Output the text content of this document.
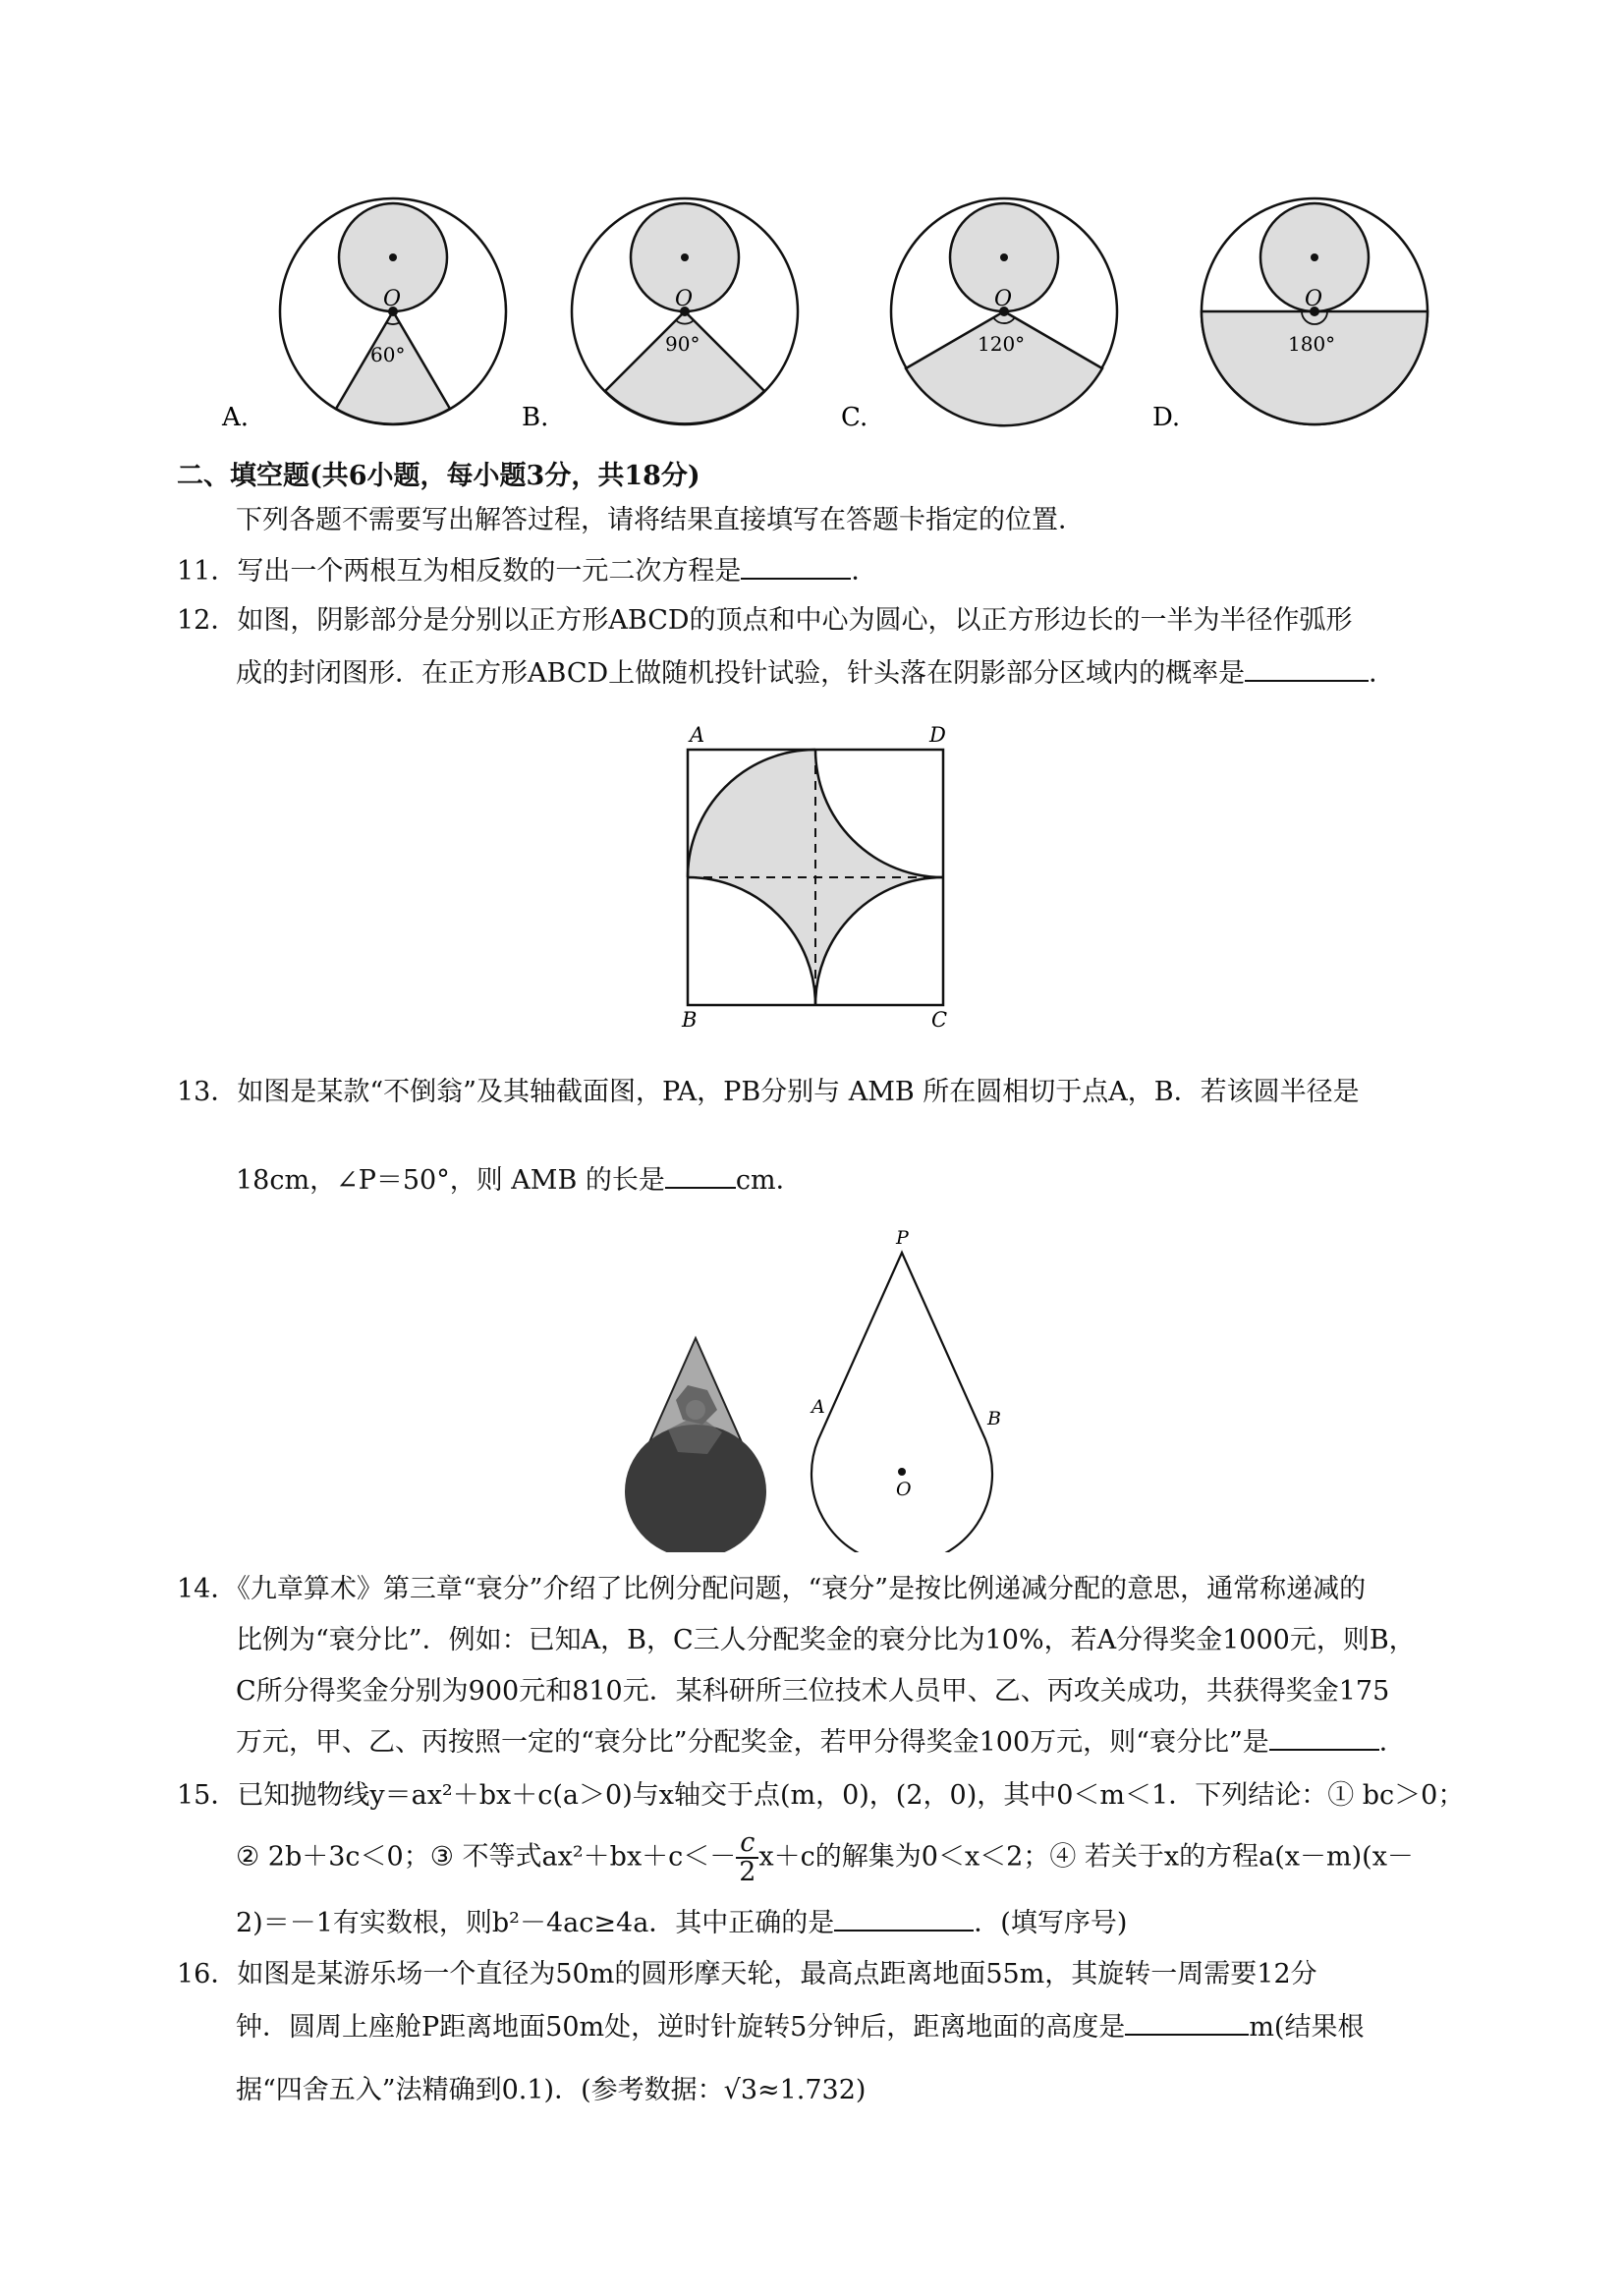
O	O	O	O
60°	90°	120°	180°
A.	B.	C.	D.
二、填空题(共6小题，每小题3分，共18分)
下列各题不需要写出解答过程，请将结果直接填写在答题卡指定的位置．
11．写出一个两根互为相反数的一元二次方程是	．
12．如图，阴影部分是分别以正方形ABCD的顶点和中心为圆心，以正方形边长的一半为半径作弧形
成的封闭图形．在正方形ABCD上做随机投针试验，针头落在阴影部分区域内的概率是	．
A	D
B	C
13．如图是某款“不倒翁”及其轴截面图，PA，PB分别与 AMB 所在圆相切于点A，B．若该圆半径是
18cm，∠P＝50°，则 AMB 的长是	cm．
P
A
B
O
14．《九章算术》第三章“衰分”介绍了比例分配问题，“衰分”是按比例递减分配的意思，通常称递减的
比例为“衰分比”．例如：已知A，B，C三人分配奖金的衰分比为10%，若A分得奖金1000元，则B，
C所分得奖金分别为900元和810元．某科研所三位技术人员甲、乙、丙攻关成功，共获得奖金175
万元，甲、乙、丙按照一定的“衰分比”分配奖金，若甲分得奖金100万元，则“衰分比”是	．
15．已知抛物线y＝ax²＋bx＋c(a＞0)与x轴交于点(m，0)，(2，0)，其中0＜m＜1．下列结论：① bc＞0；
② 2b＋3c＜0；③ 不等式$ax^2+bx+c<- \frac{c}{2} x+c$的解集为0＜x＜2；④ 若关于x的方程a(x－m)(x－
2)＝－1有实数根，则b²－4ac≥4a．其中正确的是	．(填写序号)
16．如图是某游乐场一个直径为50m的圆形摩天轮，最高点距离地面55m，其旋转一周需要12分
钟．圆周上座舱P距离地面50m处，逆时针旋转5分钟后，距离地面的高度是	m(结果根
据“四舍五入”法精确到0.1)．(参考数据：√3≈1.732)
